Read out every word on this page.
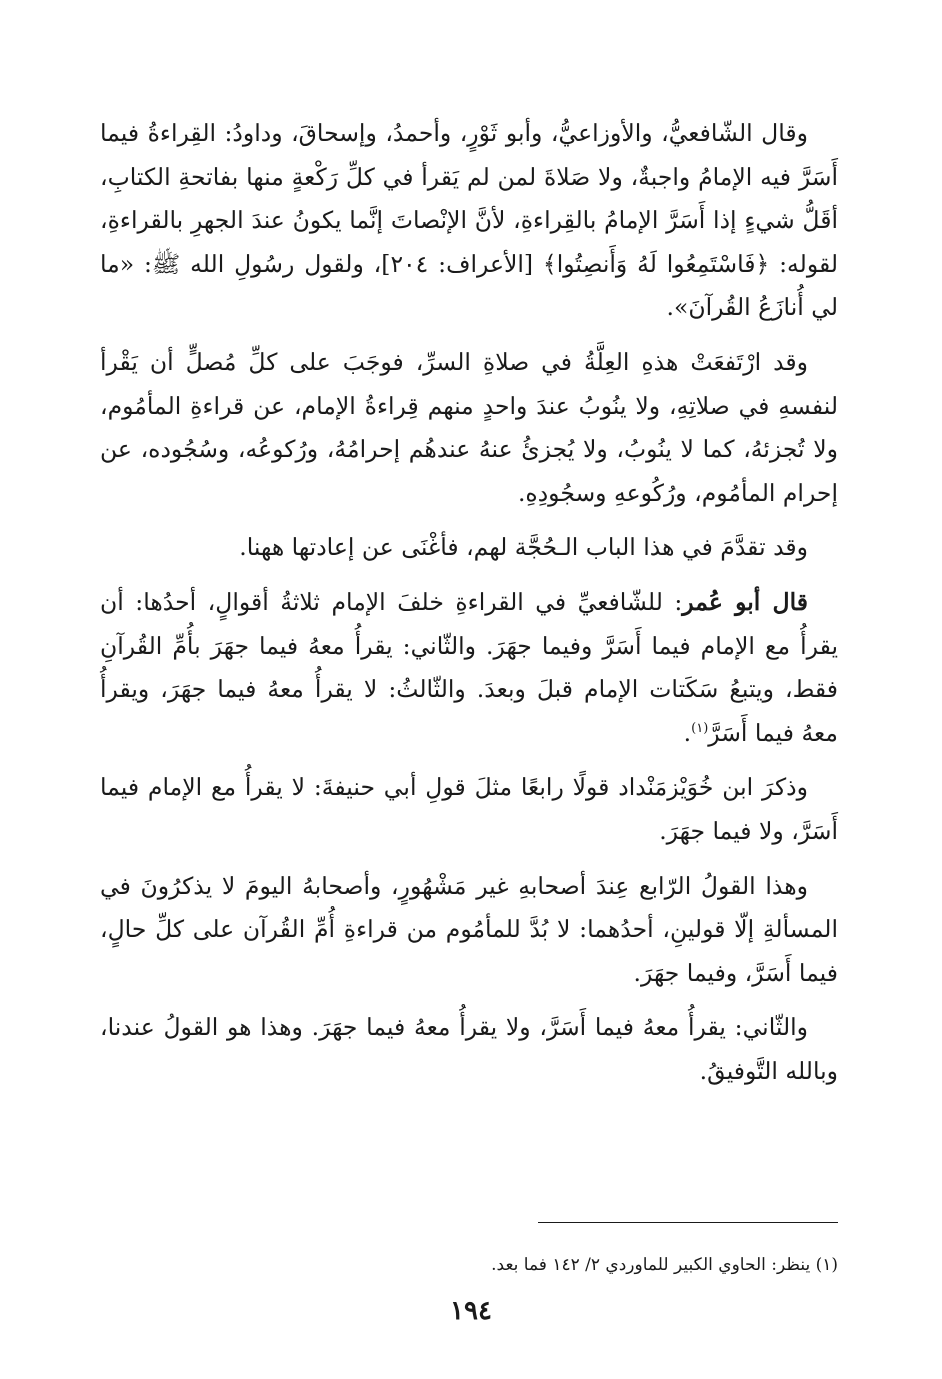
وقال الشّافعيُّ، والأوزاعيُّ، وأبو ثَوْرٍ، وأحمدُ، وإسحاقَ، وداودُ: القِراءةُ فيما أَسَرَّ فيه الإمامُ واجبةٌ، ولا صَلاةَ لمن لم يَقرأ في كلِّ رَكْعةٍ منها بفاتحةِ الكتابِ، أقَلُّ شيءٍ إذا أَسَرَّ الإمامُ بالقِراءةِ، لأنَّ الإنْصاتَ إنَّما يكونُ عندَ الجهرِ بالقراءةِ، لقوله: ﴿فَاسْتَمِعُوا لَهُ وَأَنصِتُوا﴾ [الأعراف: ٢٠٤]، ولقول رسُولِ الله ﷺ: «ما لي أُنازَعُ القُرآنَ».

وقد ارْتَفعَتْ هذهِ العِلَّةُ في صلاةِ السرِّ، فوجَبَ على كلِّ مُصلٍّ أن يَقْرأ لنفسهِ في صلاتِهِ، ولا ينُوبُ عندَ واحدٍ منهم قِراءةُ الإمام، عن قراءةِ المأمُوم، ولا تُجزئهُ، كما لا ينُوبُ، ولا يُجزئُ عنهُ عندهُم إحرامُهُ، ورُكوعُه، وسُجُوده، عن إحرام المأمُوم، ورُكُوعهِ وسجُودِهِ.

وقد تقدَّمَ في هذا الباب الـحُجَّة لهم، فأغْنَى عن إعادتها ههنا.

قال أبو عُمر: للشّافعيِّ في القراءةِ خلفَ الإمام ثلاثةُ أقوالٍ، أحدُها: أن يقرأُ مع الإمام فيما أَسَرَّ وفيما جهَرَ. والثّاني: يقرأُ معهُ فيما جهَرَ بأُمِّ القُرآنِ فقط، ويتبعُ سَكَتات الإمام قبلَ وبعدَ. والثّالثُ: لا يقرأُ معهُ فيما جهَرَ، ويقرأُ معهُ فيما أَسَرَّ$^{(١)}$.

وذكرَ ابن خُوَيْزمَنْداد قولًا رابعًا مثلَ قولِ أبي حنيفةَ: لا يقرأُ مع الإمام فيما أَسَرَّ، ولا فيما جهَرَ.

وهذا القولُ الرّابع عِندَ أصحابهِ غير مَشْهُورٍ، وأصحابهُ اليومَ لا يذكرُونَ في المسألةِ إلّا قولينِ، أحدُهما: لا بُدَّ للمأمُوم من قراءةِ أُمِّ القُرآن على كلِّ حالٍ، فيما أَسَرَّ، وفيما جهَرَ.

والثّاني: يقرأُ معهُ فيما أَسَرَّ، ولا يقرأُ معهُ فيما جهَرَ. وهذا هو القولُ عندنا، وبالله التَّوفيقُ.

(١) ينظر: الحاوي الكبير للماوردي ٢/ ١٤٢ فما بعد.
١٩٤
